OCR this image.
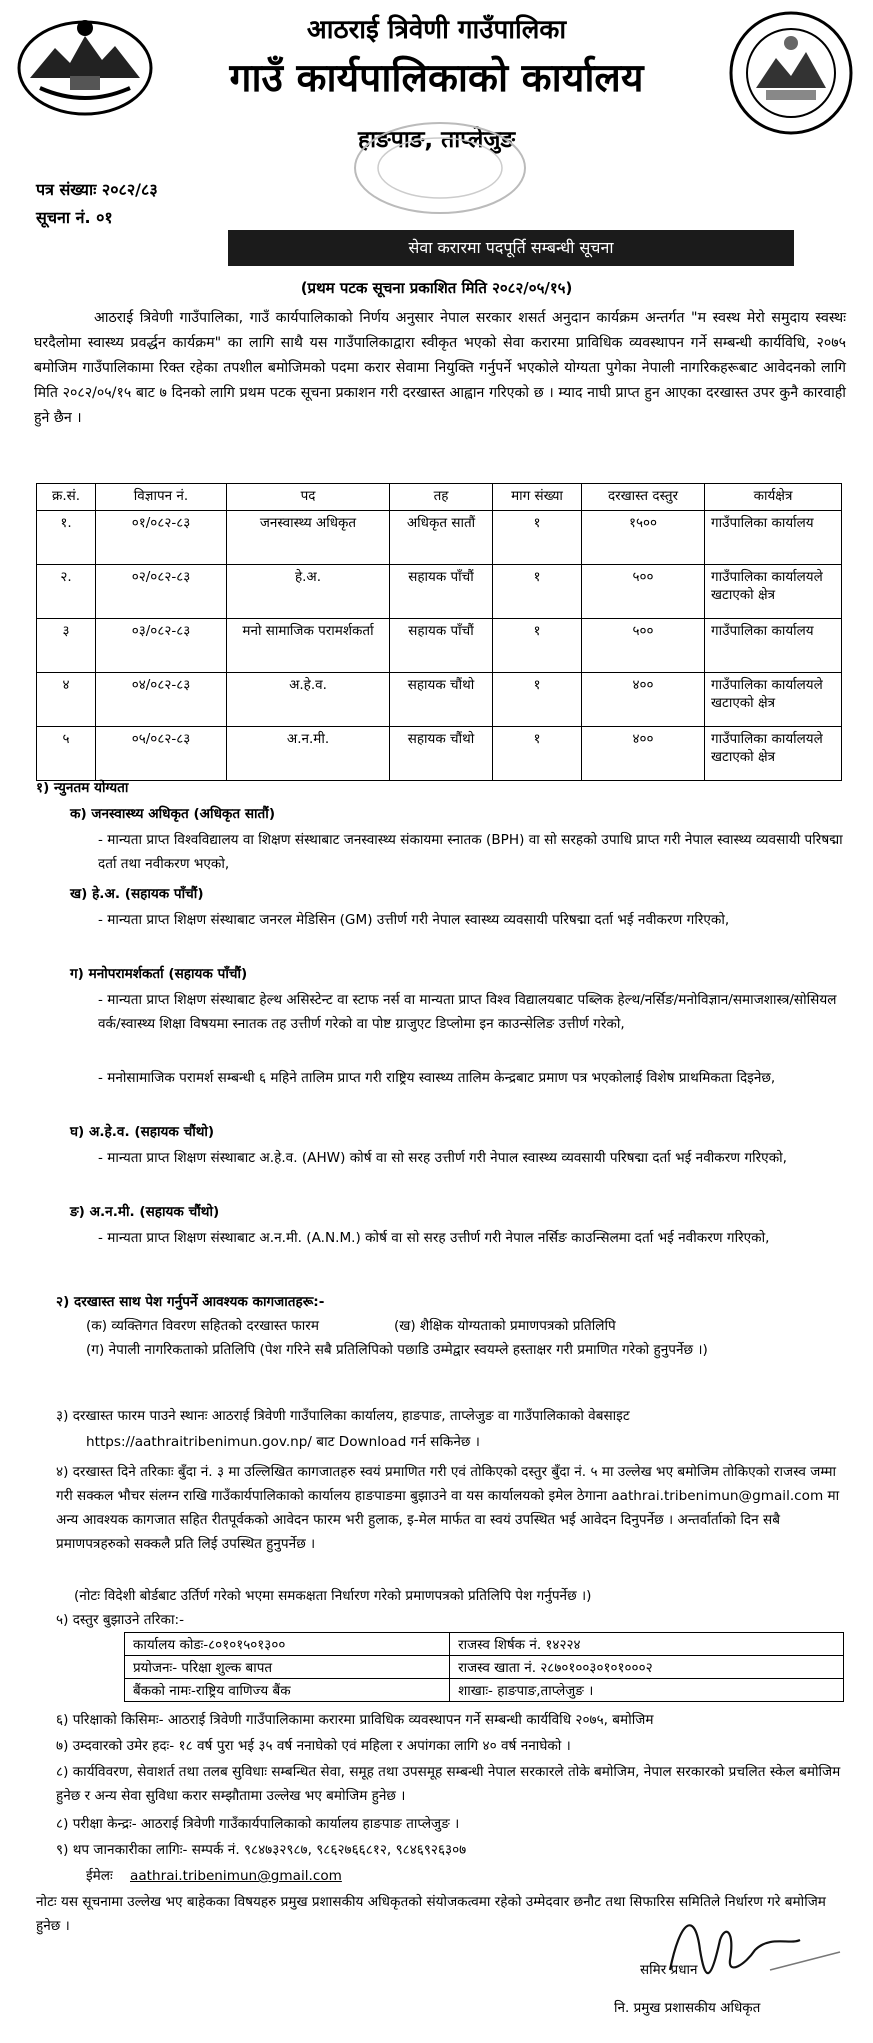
आठराई त्रिवेणी गाउँपालिका
गाउँ कार्यपालिकाको कार्यालय
हाङपाङ, ताप्लेजुङ
पत्र संख्याः २०८२/८३
सूचना नं. ०१
सेवा करारमा पदपूर्ति सम्बन्धी सूचना
(प्रथम पटक सूचना प्रकाशित मिति २०८२/०५/१५)
आठराई त्रिवेणी गाउँपालिका, गाउँ कार्यपालिकाको निर्णय अनुसार नेपाल सरकार शसर्त अनुदान कार्यक्रम अन्तर्गत "म स्वस्थ मेरो समुदाय स्वस्थः घरदैलोमा स्वास्थ्य प्रवर्द्धन कार्यक्रम" का लागि साथै यस गाउँपालिकाद्वारा स्वीकृत भएको सेवा करारमा प्राविधिक व्यवस्थापन गर्ने सम्बन्धी कार्यविधि, २०७५ बमोजिम गाउँपालिकामा रिक्त रहेका तपशील बमोजिमको पदमा करार सेवामा नियुक्ति गर्नुपर्ने भएकोले योग्यता पुगेका नेपाली नागरिकहरूबाट आवेदनको लागि मिति २०८२/०५/१५ बाट ७ दिनको लागि प्रथम पटक सूचना प्रकाशन गरी दरखास्त आह्वान गरिएको छ । म्याद नाघी प्राप्त हुन आएका दरखास्त उपर कुनै कारवाही हुने छैन ।
क्र.सं.	विज्ञापन नं.	पद	तह	माग संख्या	दरखास्त दस्तुर	कार्यक्षेत्र
१.	०१/०८२-८३	जनस्वास्थ्य अधिकृत	अधिकृत सातौं	१	१५००	गाउँपालिका कार्यालय
२.	०२/०८२-८३	हे.अ.	सहायक पाँचौं	१	५००	गाउँपालिका कार्यालयले खटाएको क्षेत्र
३	०३/०८२-८३	मनो सामाजिक परामर्शकर्ता	सहायक पाँचौं	१	५००	गाउँपालिका कार्यालय
४	०४/०८२-८३	अ.हे.व.	सहायक चौंथो	१	४००	गाउँपालिका कार्यालयले खटाएको क्षेत्र
५	०५/०८२-८३	अ.न.मी.	सहायक चौंथो	१	४००	गाउँपालिका कार्यालयले खटाएको क्षेत्र
१) न्युनतम योग्यता
क) जनस्वास्थ्य अधिकृत (अधिकृत सातौं)
- मान्यता प्राप्त विश्वविद्यालय वा शिक्षण संस्थाबाट जनस्वास्थ्य संकायमा स्नातक (BPH) वा सो सरहको उपाधि प्राप्त गरी नेपाल स्वास्थ्य व्यवसायी परिषद्मा दर्ता तथा नवीकरण भएको,
ख) हे.अ. (सहायक पाँचौं)
- मान्यता प्राप्त शिक्षण संस्थाबाट जनरल मेडिसिन (GM) उत्तीर्ण गरी नेपाल स्वास्थ्य व्यवसायी परिषद्मा दर्ता भई नवीकरण गरिएको,
ग) मनोपरामर्शकर्ता (सहायक पाँचौं)
- मान्यता प्राप्त शिक्षण संस्थाबाट हेल्थ असिस्टेन्ट वा स्टाफ नर्स वा मान्यता प्राप्त विश्व विद्यालयबाट पब्लिक हेल्थ/नर्सिङ/मनोविज्ञान/समाजशास्त्र/सोसियल वर्क/स्वास्थ्य शिक्षा विषयमा स्नातक तह उत्तीर्ण गरेको वा पोष्ट ग्राजुएट डिप्लोमा इन काउन्सेलिङ उत्तीर्ण गरेको,
- मनोसामाजिक परामर्श सम्बन्धी ६ महिने तालिम प्राप्त गरी राष्ट्रिय स्वास्थ्य तालिम केन्द्रबाट प्रमाण पत्र भएकोलाई विशेष प्राथमिकता दिइनेछ,
घ) अ.हे.व. (सहायक चौंथो)
- मान्यता प्राप्त शिक्षण संस्थाबाट अ.हे.व. (AHW) कोर्ष वा सो सरह उत्तीर्ण गरी नेपाल स्वास्थ्य व्यवसायी परिषद्मा दर्ता भई नवीकरण गरिएको,
ङ) अ.न.मी. (सहायक चौंथो)
- मान्यता प्राप्त शिक्षण संस्थाबाट अ.न.मी. (A.N.M.) कोर्ष वा सो सरह उत्तीर्ण गरी नेपाल नर्सिङ काउन्सिलमा दर्ता भई नवीकरण गरिएको,
२) दरखास्त साथ पेश गर्नुपर्ने आवश्यक कागजातहरू:-
(क) व्यक्तिगत विवरण सहितको दरखास्त फारम	(ख) शैक्षिक योग्यताको प्रमाणपत्रको प्रतिलिपि
(ग) नेपाली नागरिकताको प्रतिलिपि (पेश गरिने सबै प्रतिलिपिको पछाडि उम्मेद्वार स्वयम्ले हस्ताक्षर गरी प्रमाणित गरेको हुनुपर्नेछ ।)
३) दरखास्त फारम पाउने स्थानः आठराई त्रिवेणी गाउँपालिका कार्यालय, हाङपाङ, ताप्लेजुङ वा गाउँपालिकाको वेबसाइट
https://aathraitribenimun.gov.np/ बाट Download गर्न सकिनेछ ।
४) दरखास्त दिने तरिकाः बुँदा नं. ३ मा उल्लिखित कागजातहरु स्वयं प्रमाणित गरी एवं तोकिएको दस्तुर बुँदा नं. ५ मा उल्लेख भए बमोजिम तोकिएको राजस्व जम्मा गरी सक्कल भौचर संलग्न राखि गाउँकार्यपालिकाको कार्यालय हाङपाङमा बुझाउने वा यस कार्यालयको इमेल ठेगाना aathrai.tribenimun@gmail.com मा अन्य आवश्यक कागजात सहित रीतपूर्वकको आवेदन फारम भरी हुलाक, इ-मेल मार्फत वा स्वयं उपस्थित भई आवेदन दिनुपर्नेछ । अन्तर्वार्ताको दिन सबै प्रमाणपत्रहरुको सक्कलै प्रति लिई उपस्थित हुनुपर्नेछ ।
(नोटः विदेशी बोर्डबाट उर्तिर्ण गरेको भएमा समकक्षता निर्धारण गरेको प्रमाणपत्रको प्रतिलिपि पेश गर्नुपर्नेछ ।)
५) दस्तुर बुझाउने तरिका:-
कार्यालय कोडः-८०१०१५०१३००	राजस्व शिर्षक नं. १४२२४
प्रयोजनः- परिक्षा शुल्क बापत	राजस्व खाता नं. २८७०१००३०१०१०००२
बैंकको नामः-राष्ट्रिय वाणिज्य बैंक	शाखाः- हाङपाङ,ताप्लेजुङ ।
६) परिक्षाको किसिमः- आठराई त्रिवेणी गाउँपालिकामा करारमा प्राविधिक व्यवस्थापन गर्ने सम्बन्धी कार्यविधि २०७५, बमोजिम
७) उम्दवारको उमेर हदः- १८ वर्ष पुरा भई ३५ वर्ष ननाघेको एवं महिला र अपांगका लागि ४० वर्ष ननाघेको ।
८) कार्यविवरण, सेवाशर्त तथा तलब सुविधाः सम्बन्धित सेवा, समूह तथा उपसमूह सम्बन्धी नेपाल सरकारले तोके बमोजिम, नेपाल सरकारको प्रचलित स्केल बमोजिम हुनेछ र अन्य सेवा सुविधा करार सम्झौतामा उल्लेख भए बमोजिम हुनेछ ।
८) परीक्षा केन्द्रः- आठराई त्रिवेणी गाउँकार्यपालिकाको कार्यालय हाङपाङ ताप्लेजुङ ।
९) थप जानकारीका लागिः- सम्पर्क नं. ९८४७३२९८७, ९८६२७६६८१२, ९८४६९२६३०७
ईमेलः aathrai.tribenimun@gmail.com
नोटः यस सूचनामा उल्लेख भए बाहेकका विषयहरु प्रमुख प्रशासकीय अधिकृतको संयोजकत्वमा रहेको उम्मेदवार छनौट तथा सिफारिस समितिले निर्धारण गरे बमोजिम हुनेछ ।
समिर प्रधान
नि. प्रमुख प्रशासकीय अधिकृत
